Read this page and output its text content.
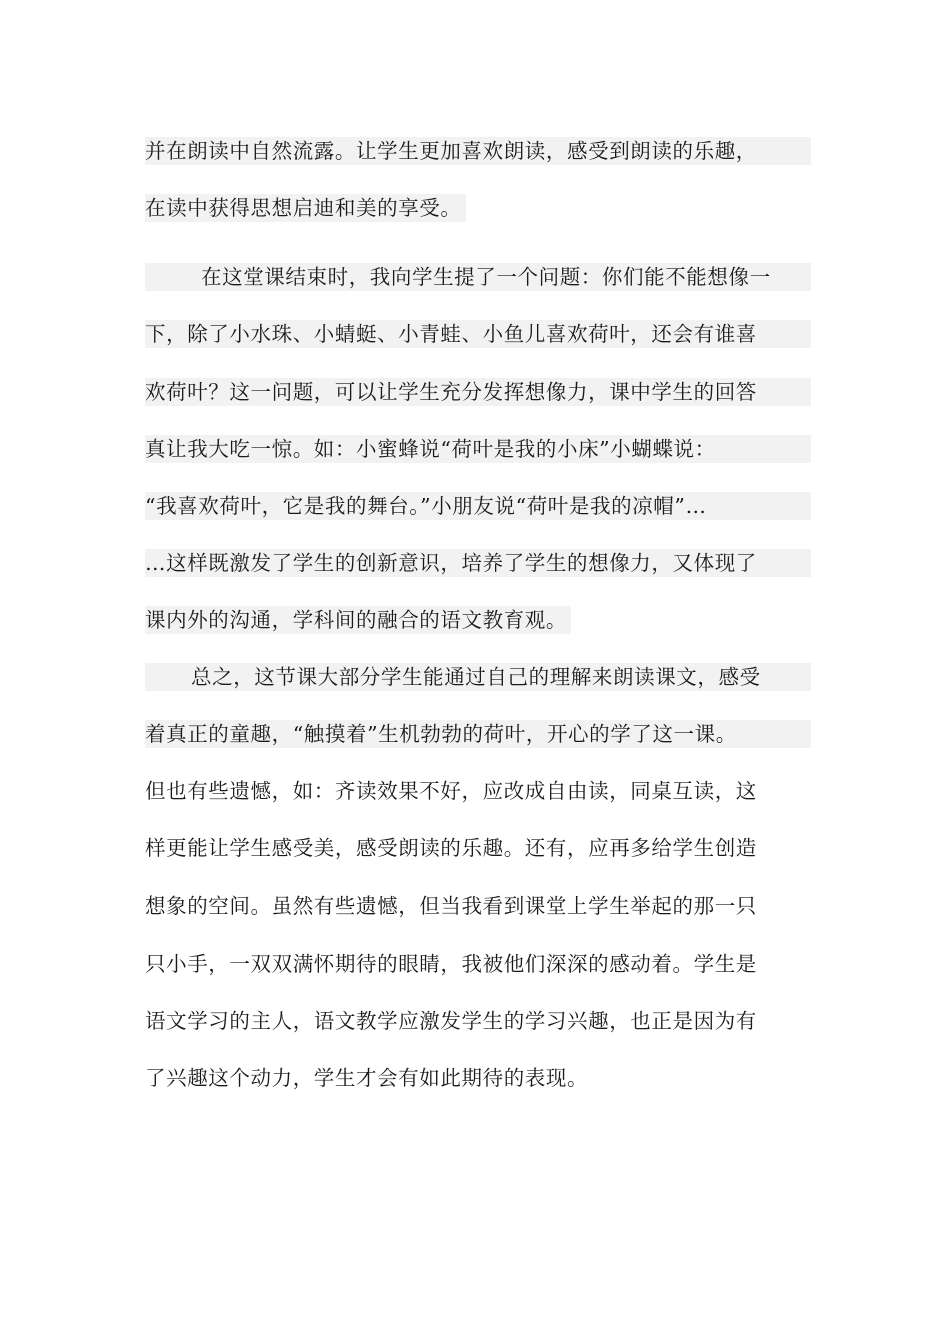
并在朗读中自然流露。让学生更加喜欢朗读，感受到朗读的乐趣，
在读中获得思想启迪和美的享受。
在这堂课结束时，我向学生提了一个问题：你们能不能想像一
下，除了小水珠、小蜻蜓、小青蛙、小鱼儿喜欢荷叶，还会有谁喜
欢荷叶？这一问题，可以让学生充分发挥想像力，课中学生的回答
真让我大吃一惊。如：小蜜蜂说“荷叶是我的小床”小蝴蝶说：
“我喜欢荷叶，它是我的舞台。”小朋友说“荷叶是我的凉帽”…
…这样既激发了学生的创新意识，培养了学生的想像力，又体现了
课内外的沟通，学科间的融合的语文教育观。
总之，这节课大部分学生能通过自己的理解来朗读课文，感受
着真正的童趣，“触摸着”生机勃勃的荷叶，开心的学了这一课。
但也有些遗憾，如：齐读效果不好，应改成自由读，同桌互读，这
样更能让学生感受美，感受朗读的乐趣。还有，应再多给学生创造
想象的空间。虽然有些遗憾，但当我看到课堂上学生举起的那一只
只小手，一双双满怀期待的眼睛，我被他们深深的感动着。学生是
语文学习的主人，语文教学应激发学生的学习兴趣，也正是因为有
了兴趣这个动力，学生才会有如此期待的表现。
